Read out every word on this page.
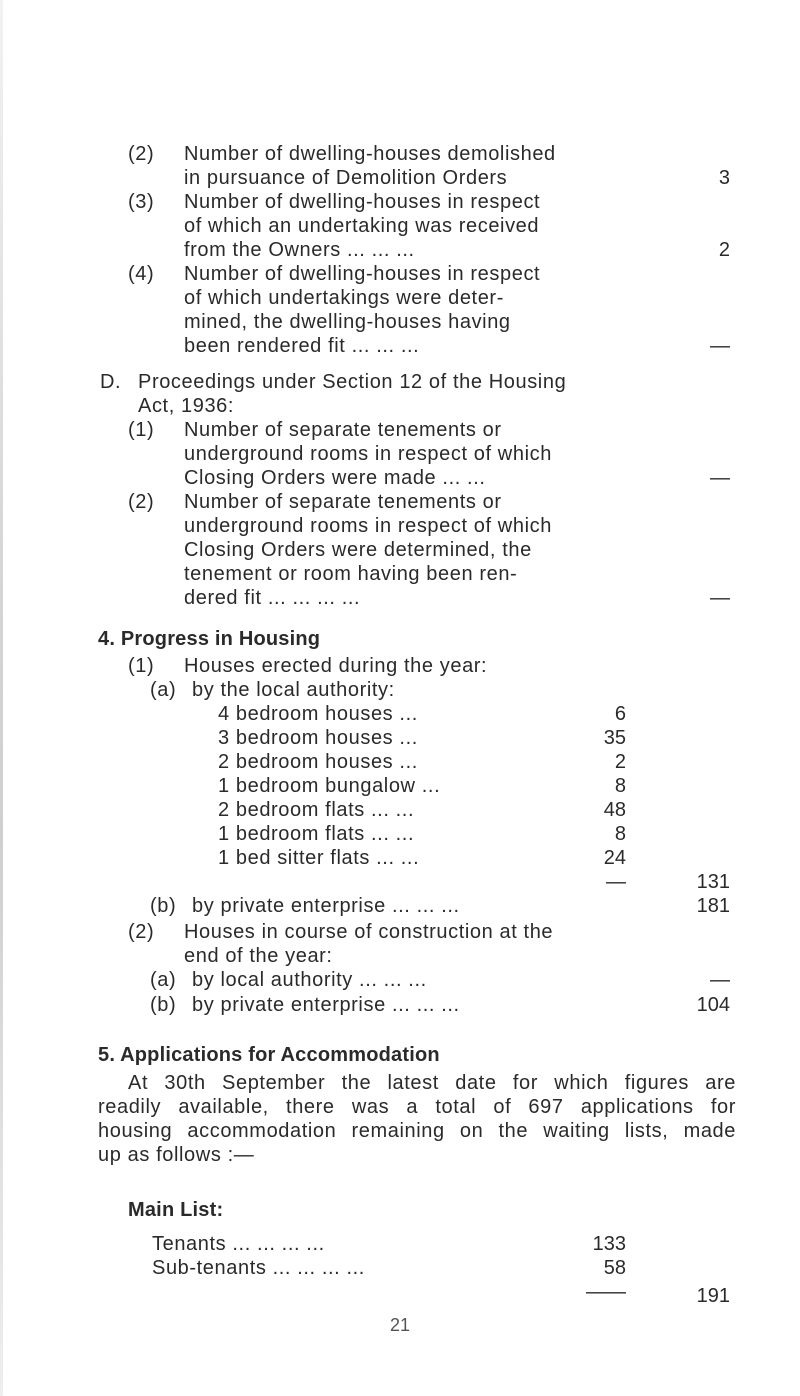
(2) Number of dwelling-houses demolished
in pursuance of Demolition Orders	3
(3) Number of dwelling-houses in respect
of which an undertaking was received
from the Owners ... ... ...	2
(4) Number of dwelling-houses in respect
of which undertakings were deter-
mined, the dwelling-houses having
been rendered fit ... ... ...	—
D. Proceedings under Section 12 of the Housing
Act, 1936:
(1) Number of separate tenements or
underground rooms in respect of which
Closing Orders were made ... ...	—
(2) Number of separate tenements or
underground rooms in respect of which
Closing Orders were determined, the
tenement or room having been ren-
dered fit ... ... ... ...	—
4. Progress in Housing
(1) Houses erected during the year:
(a) by the local authority:
4 bedroom houses ...	6
3 bedroom houses ...	35
2 bedroom houses ...	2
1 bedroom bungalow ...	8
2 bedroom flats ... ...	48
1 bedroom flats ... ...	8
1 bed sitter flats ... ...	24
—	131
(b) by private enterprise ... ... ...	181
(2) Houses in course of construction at the
end of the year:
(a) by local authority ... ... ...	—
(b) by private enterprise ... ... ...	104
5. Applications for Accommodation
At 30th September the latest date for which figures are
readily available, there was a total of 697 applications for
housing accommodation remaining on the waiting lists, made
up as follows :—
Main List:
Tenants ... ... ... ...	133
Sub-tenants ... ... ... ...	58
——	191
21
